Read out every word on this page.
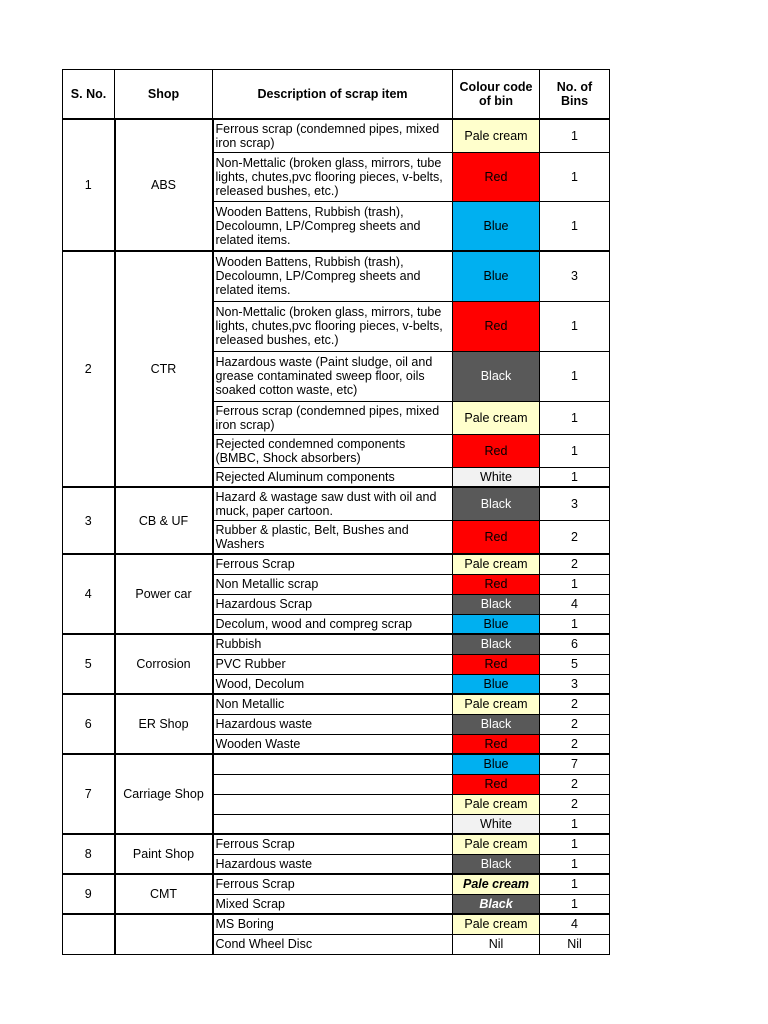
S. No.	Shop	Description of scrap item	Colour code of bin	No. of Bins
1	ABS	Ferrous scrap (condemned pipes, mixed iron scrap)	Pale cream	1
		Non-Mettalic (broken glass, mirrors, tube lights, chutes,pvc flooring pieces, v-belts, released bushes, etc.)	Red	1
		Wooden Battens, Rubbish (trash), Decoloumn, LP/Compreg sheets and related items.	Blue	1
2	CTR	Wooden Battens, Rubbish (trash), Decoloumn, LP/Compreg sheets and related items.	Blue	3
		Non-Mettalic (broken glass, mirrors, tube lights, chutes,pvc flooring pieces, v-belts, released bushes, etc.)	Red	1
		Hazardous waste (Paint sludge, oil and grease contaminated sweep floor, oils soaked cotton waste, etc)	Black	1
		Ferrous scrap (condemned pipes, mixed iron scrap)	Pale cream	1
		Rejected condemned components (BMBC, Shock absorbers)	Red	1
		Rejected Aluminum components	White	1
3	CB & UF	Hazard & wastage saw dust with oil and muck, paper cartoon.	Black	3
		Rubber & plastic, Belt, Bushes and Washers	Red	2
4	Power car	Ferrous Scrap	Pale cream	2
		Non Metallic scrap	Red	1
		Hazardous Scrap	Black	4
		Decolum, wood and compreg scrap	Blue	1
5	Corrosion	Rubbish	Black	6
		PVC Rubber	Red	5
		Wood, Decolum	Blue	3
6	ER Shop	Non Metallic	Pale cream	2
		Hazardous waste	Black	2
		Wooden Waste	Red	2
7	Carriage Shop		Blue	7
			Red	2
			Pale cream	2
			White	1
8	Paint Shop	Ferrous Scrap	Pale cream	1
		Hazardous waste	Black	1
9	CMT	Ferrous Scrap	Pale cream	1
		Mixed Scrap	Black	1
		MS Boring	Pale cream	4
		Cond Wheel Disc	Nil	Nil
